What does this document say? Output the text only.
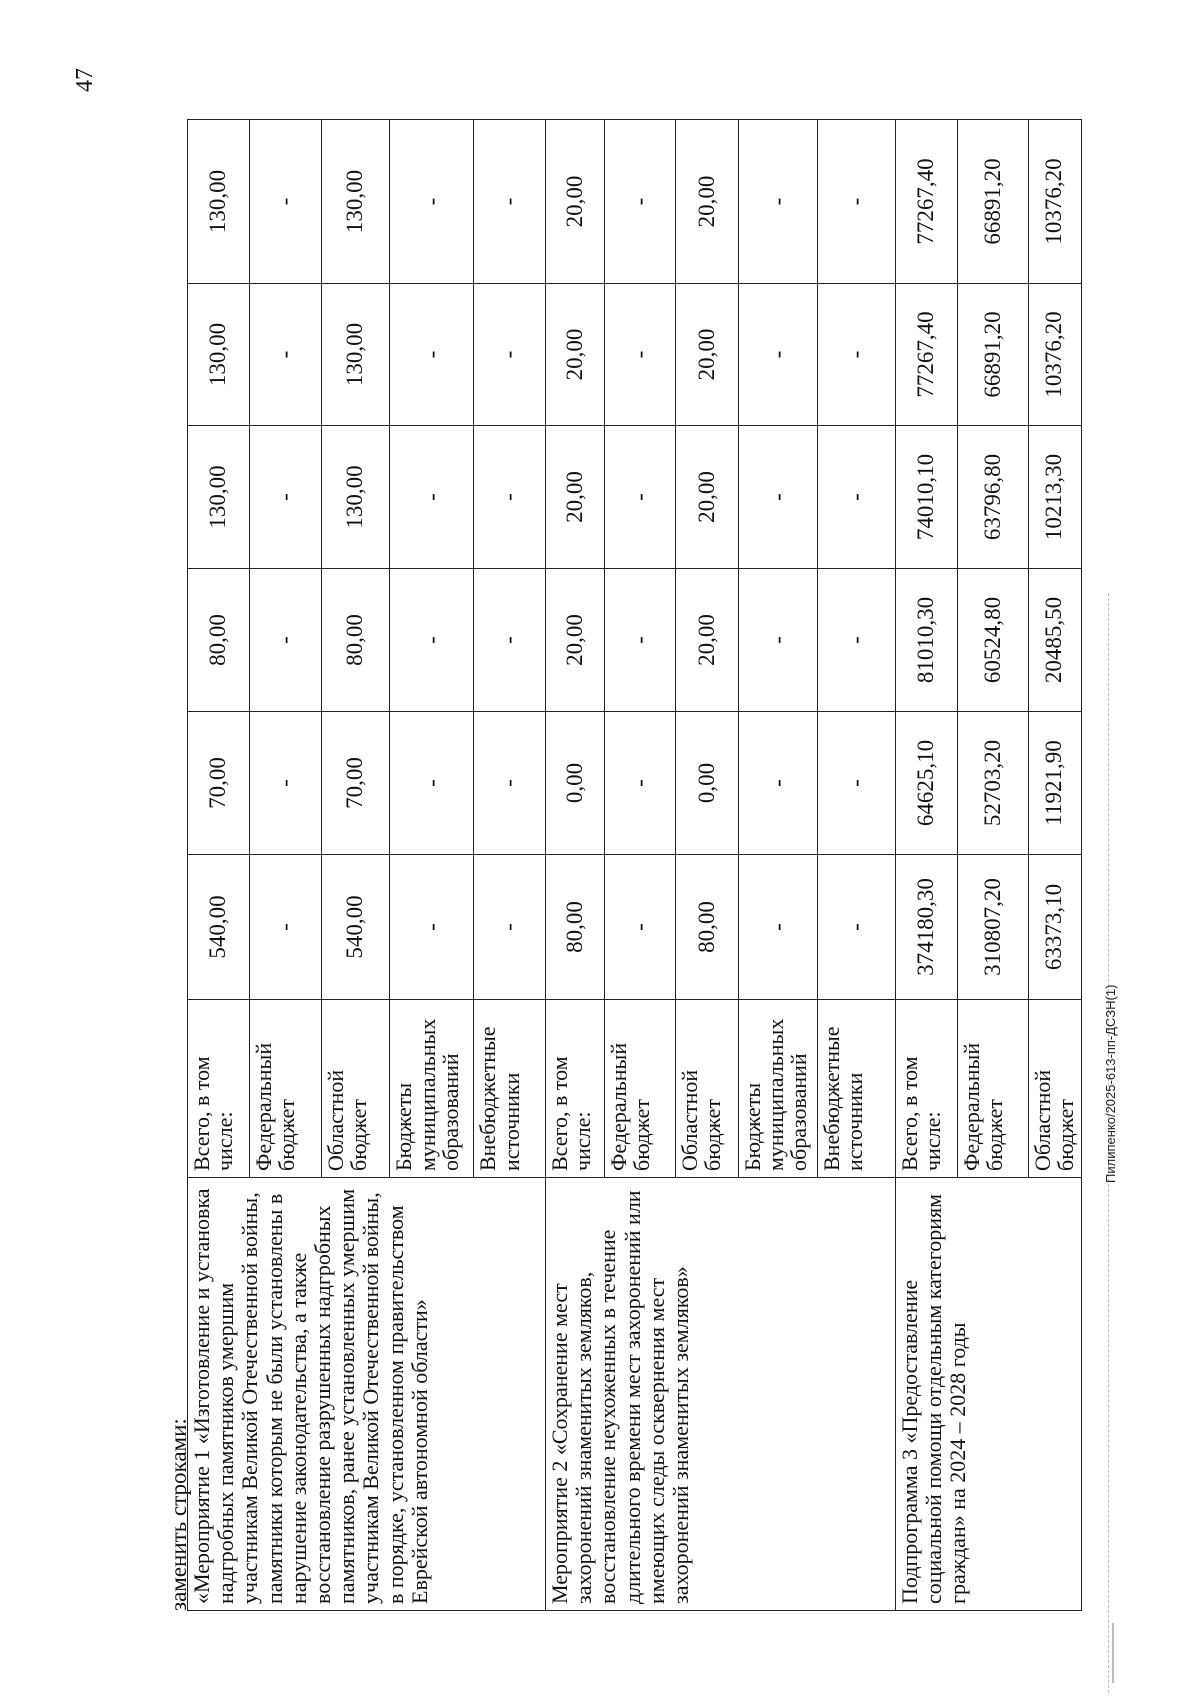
47
заменить строками:
«Мероприятие 1 «Изготовление и установка надгробных памятников умершим участникам Великой Отечественной войны, памятники которым не были установлены в нарушение законодательства, а также восстановление разрушенных надгробных памятников, ранее установленных умершим участникам Великой Отечественной войны, в порядке, установленном правительством Еврейской автономной области»	Всего, в том числе:	540,00	70,00	80,00	130,00	130,00	130,00
	Федеральный бюджет	-	-	-	-	-	-
	Областной бюджет	540,00	70,00	80,00	130,00	130,00	130,00
	Бюджеты муниципальных образований	-	-	-	-	-	-
	Внебюджетные источники	-	-	-	-	-	-
Мероприятие 2 «Сохранение мест захоронений знаменитых земляков, восстановление неухоженных в течение длительного времени мест захоронений или имеющих следы осквернения мест захоронений знаменитых земляков»	Всего, в том числе:	80,00	0,00	20,00	20,00	20,00	20,00
	Федеральный бюджет	-	-	-	-	-	-
	Областной бюджет	80,00	0,00	20,00	20,00	20,00	20,00
	Бюджеты муниципальных образований	-	-	-	-	-	-
	Внебюджетные источники	-	-	-	-	-	-
Подпрограмма 3 «Предоставление социальной помощи отдельным категориям граждан» на 2024 – 2028 годы	Всего, в том числе:	374180,30	64625,10	81010,30	74010,10	77267,40	77267,40
	Федеральный бюджет	310807,20	52703,20	60524,80	63796,80	66891,20	66891,20
	Областной бюджет	63373,10	11921,90	20485,50	10213,30	10376,20	10376,20
Пилипенко/2025-613-пп-ДСЗН(1)
